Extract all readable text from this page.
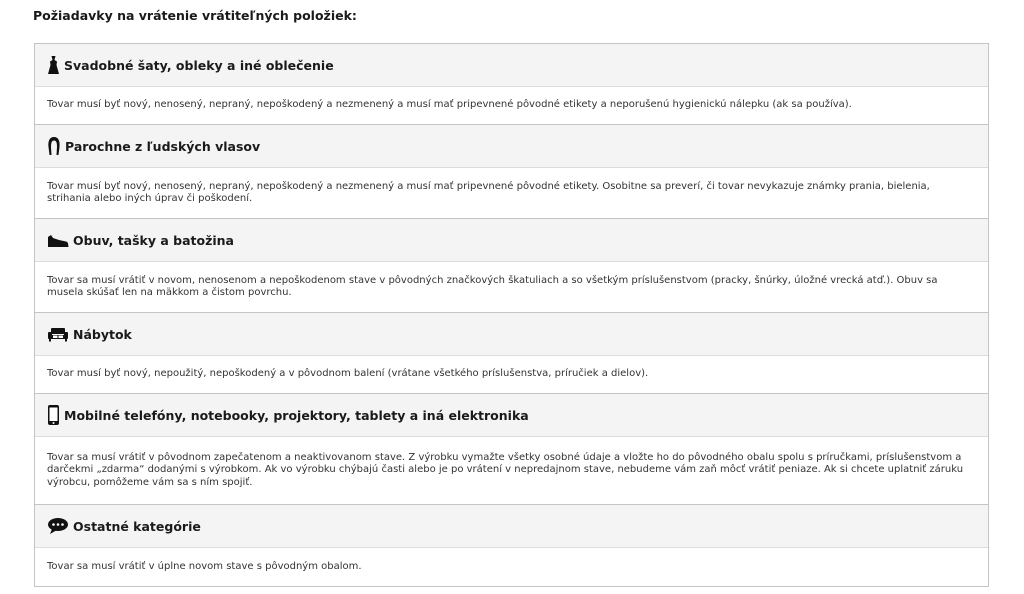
Požiadavky na vrátenie vrátiteľných položiek:
Svadobné šaty, obleky a iné oblečenie
Tovar musí byť nový, nenosený, nepraný, nepoškodený a nezmenený a musí mať pripevnené pôvodné etikety a neporušenú hygienickú nálepku (ak sa používa).
Parochne z ľudských vlasov
Tovar musí byť nový, nenosený, nepraný, nepoškodený a nezmenený a musí mať pripevnené pôvodné etikety. Osobitne sa preverí, či tovar nevykazuje známky prania, bielenia, strihania alebo iných úprav či poškodení.
Obuv, tašky a batožina
Tovar sa musí vrátiť v novom, nenosenom a nepoškodenom stave v pôvodných značkových škatuliach a so všetkým príslušenstvom (pracky, šnúrky, úložné vrecká atď.). Obuv sa musela skúšať len na mäkkom a čistom povrchu.
Nábytok
Tovar musí byť nový, nepoužitý, nepoškodený a v pôvodnom balení (vrátane všetkého príslušenstva, príručiek a dielov).
Mobilné telefóny, notebooky, projektory, tablety a iná elektronika
Tovar sa musí vrátiť v pôvodnom zapečatenom a neaktivovanom stave. Z výrobku vymažte všetky osobné údaje a vložte ho do pôvodného obalu spolu s príručkami, príslušenstvom a darčekmi „zdarma“ dodanými s výrobkom. Ak vo výrobku chýbajú časti alebo je po vrátení v nepredajnom stave, nebudeme vám zaň môcť vrátiť peniaze. Ak si chcete uplatniť záruku výrobcu, pomôžeme vám sa s ním spojiť.
Ostatné kategórie
Tovar sa musí vrátiť v úplne novom stave s pôvodným obalom.
